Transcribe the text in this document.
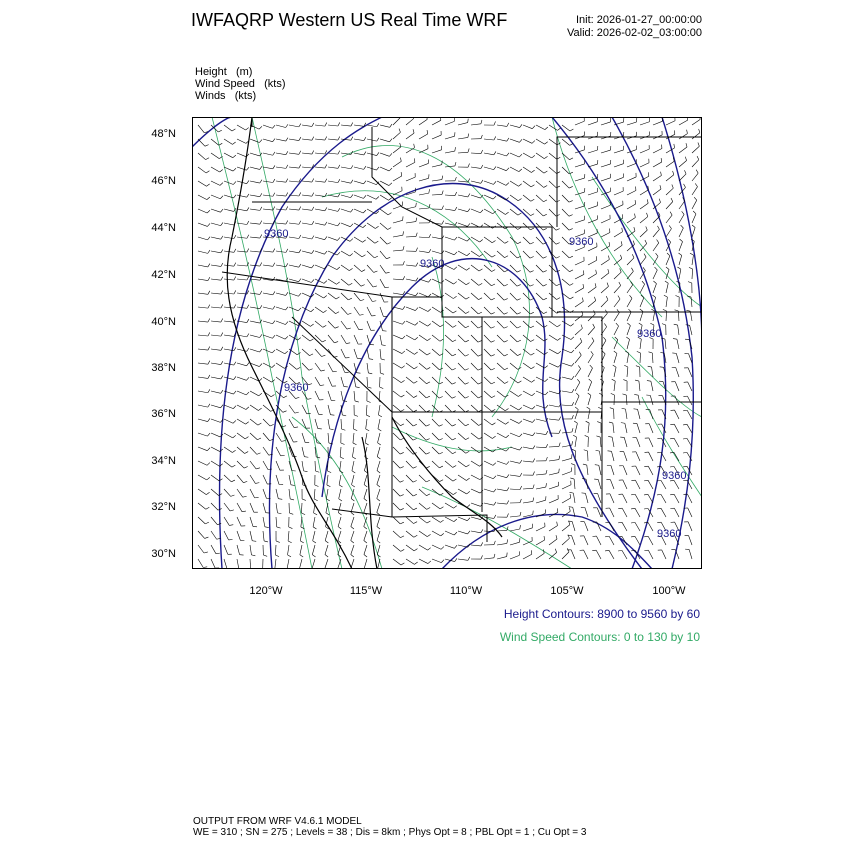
IWFAQRP Western US Real Time WRF	Init: 2026-01-27_00:00:00
Valid: 2026-02-02_03:00:00
Height   (m)
Wind Speed   (kts)
Winds   (kts)
9360
9360
9360
9360
9360
9360
9360
48°N
46°N
44°N
42°N
40°N
38°N
36°N
34°N
32°N
30°N
120°W	115°W	110°W	105°W	100°W
Height Contours: 8900 to 9560 by 60
Wind Speed Contours: 0 to 130 by 10
OUTPUT FROM WRF V4.6.1 MODEL
WE = 310 ; SN = 275 ; Levels = 38 ; Dis = 8km ; Phys Opt = 8 ; PBL Opt = 1 ; Cu Opt = 3
